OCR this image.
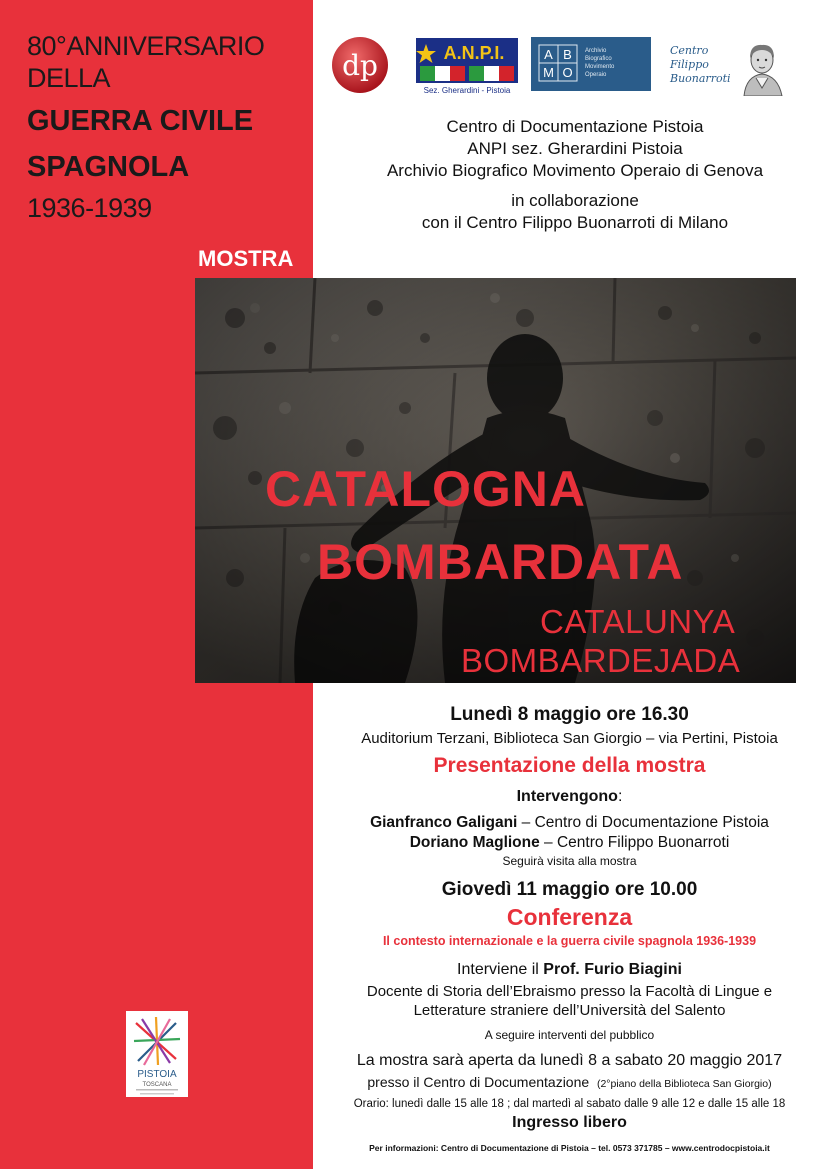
80°ANNIVERSARIO
DELLA
GUERRA CIVILE
SPAGNOLA
1936-1939
MOSTRA
dp	A.N.P.I.
Sez. Gherardini - Pistoia
A B
M O
Archivio
Biografico
Movimento
Operaio
Centro
Filippo
Buonarroti
Centro di Documentazione Pistoia
ANPI sez. Gherardini Pistoia
Archivio Biografico Movimento Operaio di Genova
in collaborazione
con il Centro Filippo Buonarroti di Milano
CATALOGNA
BOMBARDATA
CATALUNYA
BOMBARDEJADA
Lunedì 8 maggio ore 16.30
Auditorium Terzani, Biblioteca San Giorgio – via Pertini, Pistoia
Presentazione della mostra
Intervengono:
Gianfranco Galigani – Centro di Documentazione Pistoia
Doriano Maglione – Centro Filippo Buonarroti
Seguirà visita alla mostra
Giovedì 11 maggio ore 10.00
Conferenza
Il contesto internazionale e la guerra civile spagnola 1936-1939
Interviene il Prof. Furio Biagini
Docente di Storia dell’Ebraismo presso la Facoltà di Lingue e
Letterature straniere dell’Università del Salento
A seguire interventi del pubblico
La mostra sarà aperta da lunedì 8 a sabato 20 maggio 2017
presso il Centro di Documentazione (2°piano della Biblioteca San Giorgio)
Orario: lunedì dalle 15 alle 18 ; dal martedì al sabato dalle 9 alle 12 e dalle 15 alle 18
Ingresso libero
Per informazioni: Centro di Documentazione di Pistoia – tel. 0573 371785 – www.centrodocpistoia.it
PISTOIA
TOSCANA
